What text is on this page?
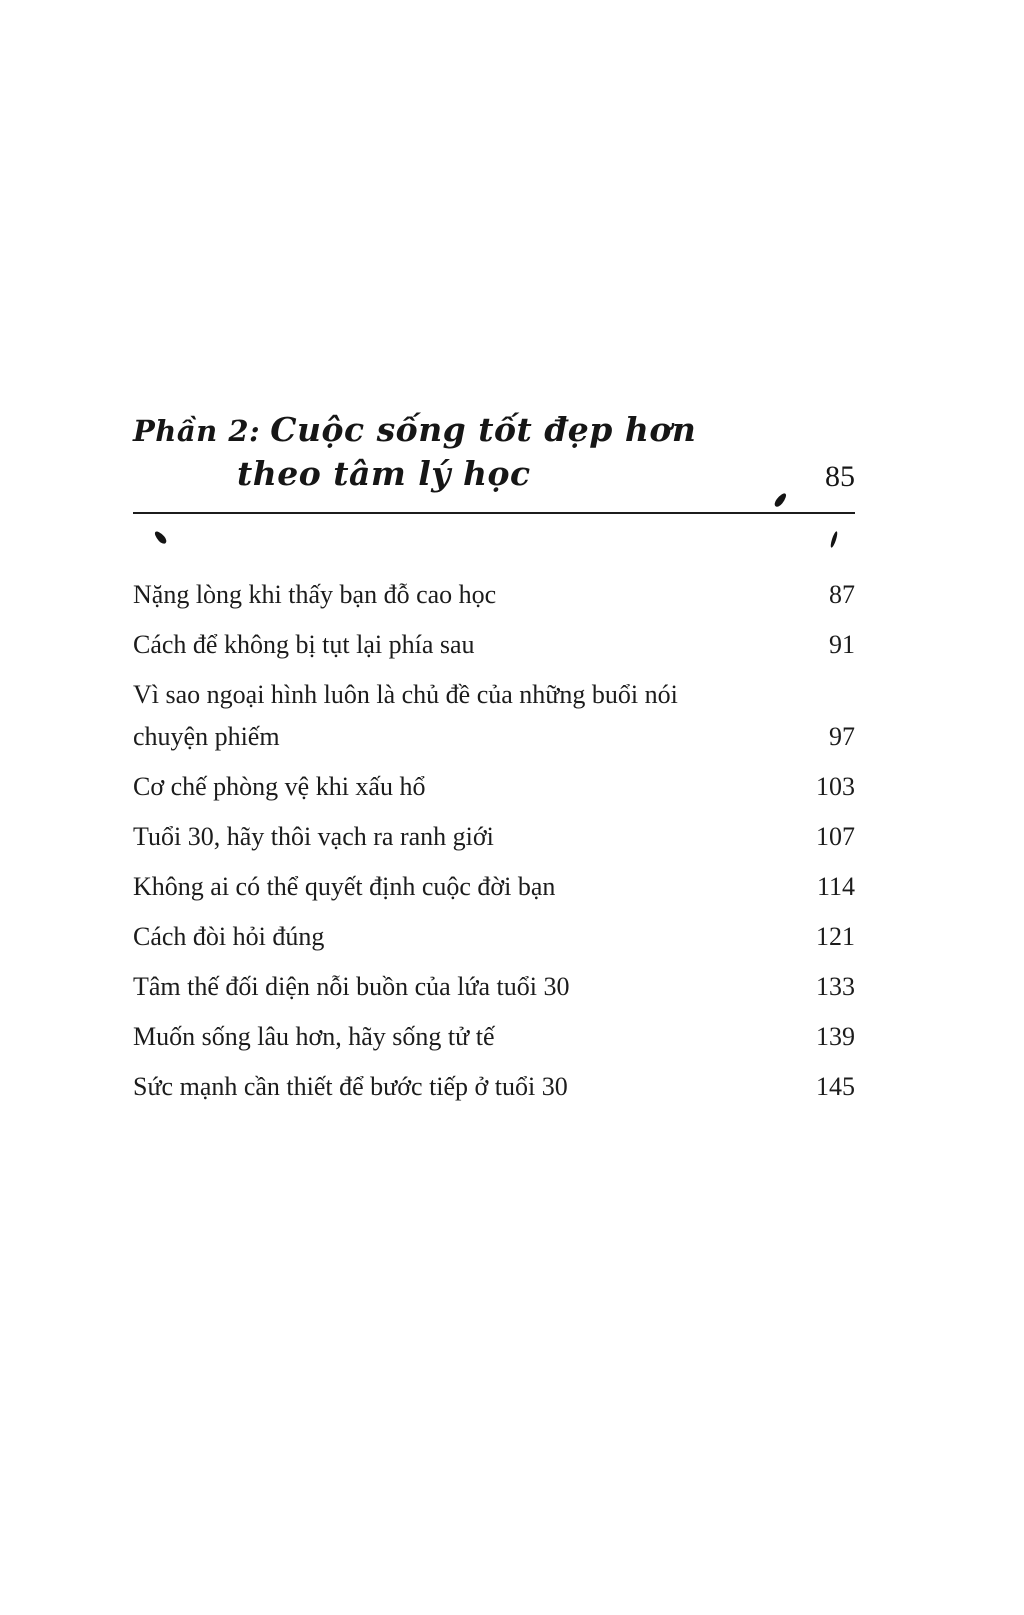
Phần 2: Cuộc sống tốt đẹp hơn
theo tâm lý học	85
Nặng lòng khi thấy bạn đỗ cao học	87
Cách để không bị tụt lại phía sau	91
Vì sao ngoại hình luôn là chủ đề của những buổi nói chuyện phiếm	97
Cơ chế phòng vệ khi xấu hổ	103
Tuổi 30, hãy thôi vạch ra ranh giới	107
Không ai có thể quyết định cuộc đời bạn	114
Cách đòi hỏi đúng	121
Tâm thế đối diện nỗi buồn của lứa tuổi 30	133
Muốn sống lâu hơn, hãy sống tử tế	139
Sức mạnh cần thiết để bước tiếp ở tuổi 30	145
